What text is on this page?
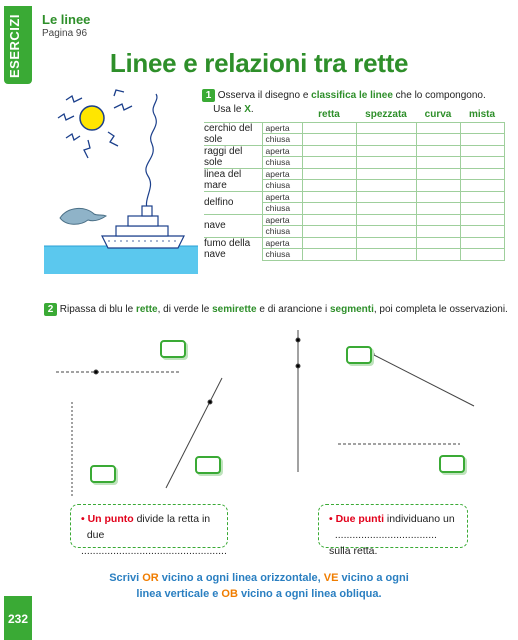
ESERCIZI
232
Le linee
Pagina 96
Linee e relazioni tra rette
1 Osserva il disegno e classifica le linee che lo compongono.
Usa le X.
			retta	spezzata	curva	mista
cerchio del sole	aperta				
	chiusa				
raggi del sole	aperta				
	chiusa				
linea del mare	aperta				
	chiusa				
delfino	aperta				
	chiusa				
nave	aperta				
	chiusa				
fumo della nave	aperta				
	chiusa				
2 Ripassa di blu le rette, di verde le semirette e di arancione i segmenti, poi completa le osservazioni.
• Un punto divide la retta in
due ..................................................
• Due punti individuano un
................................... sulla retta.
Scrivi OR vicino a ogni linea orizzontale, VE vicino a ogni
linea verticale e OB vicino a ogni linea obliqua.
